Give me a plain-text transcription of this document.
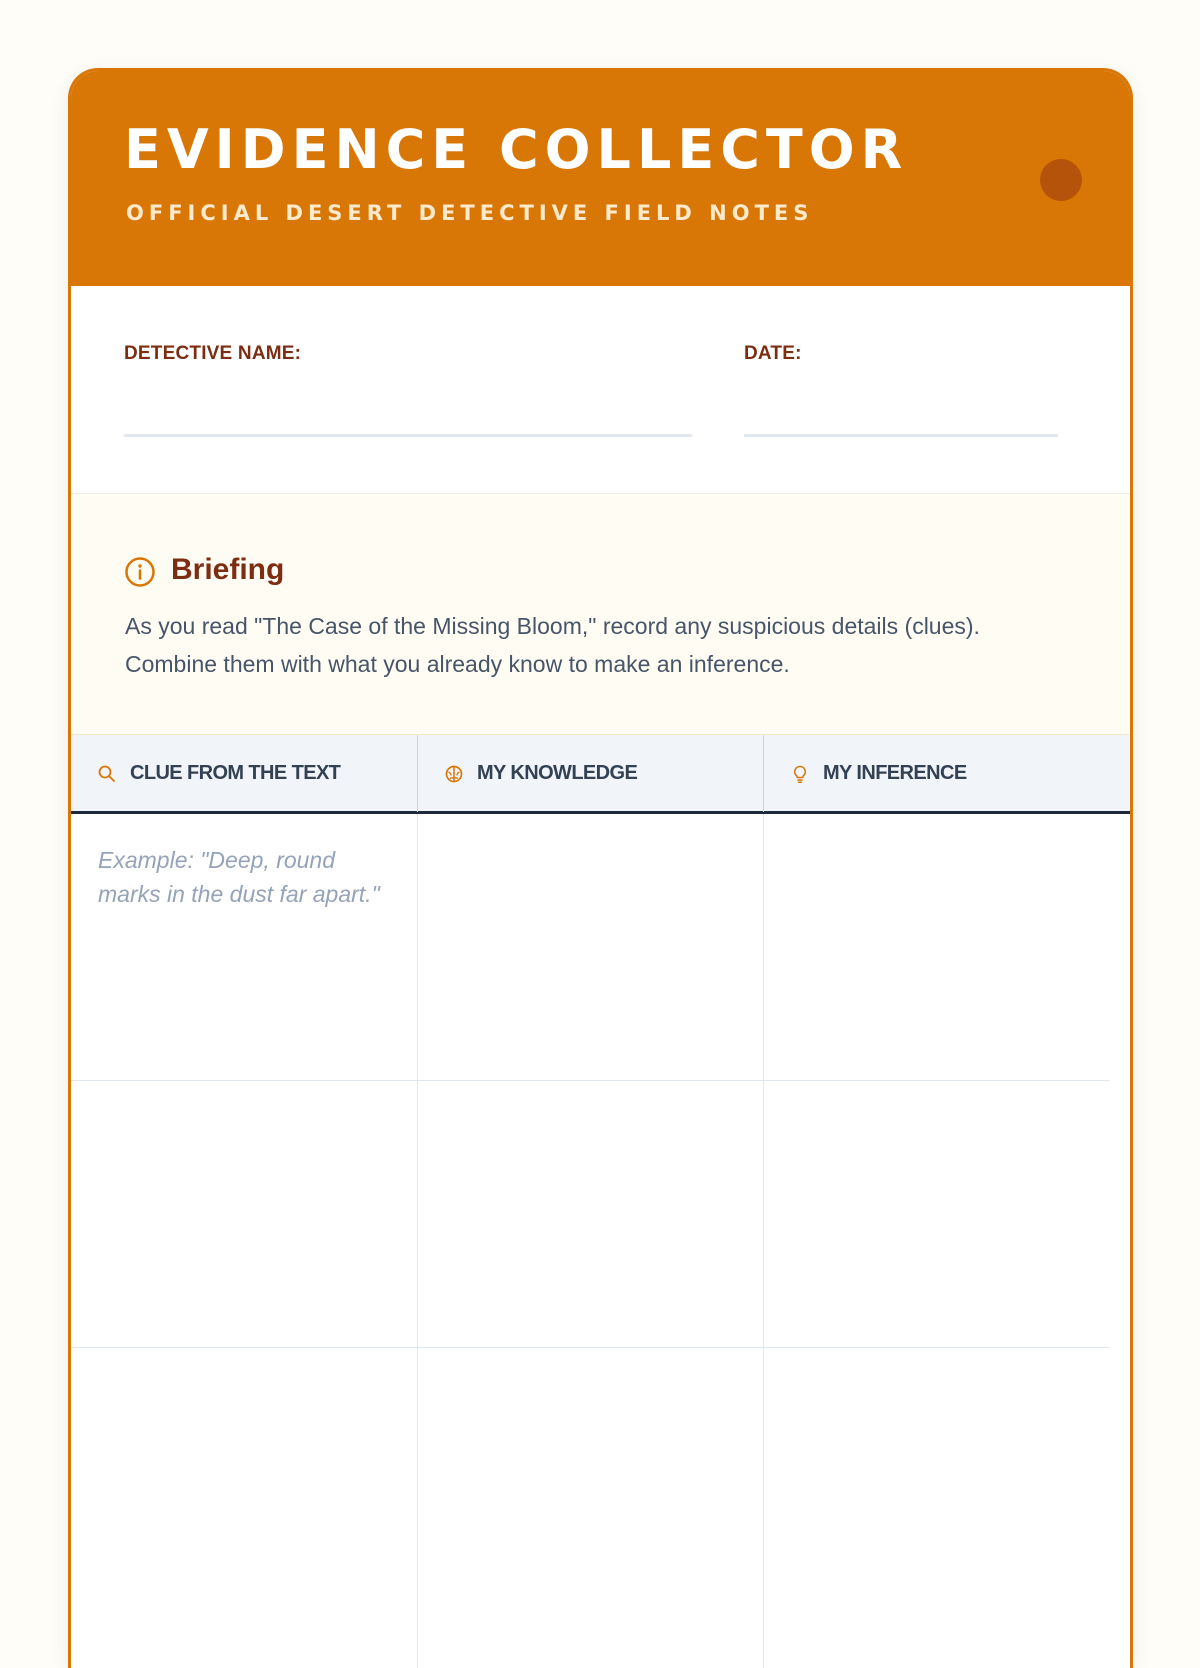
EVIDENCE COLLECTOR

OFFICIAL DESERT DETECTIVE FIELD NOTES

DETECTIVE NAME:	DATE:

Briefing

As you read "The Case of the Missing Bloom," record any suspicious details (clues). Combine them with what you already know to make an inference.

CLUE FROM THE TEXT	MY KNOWLEDGE	MY INFERENCE

Example: "Deep, round marks in the dust far apart."
